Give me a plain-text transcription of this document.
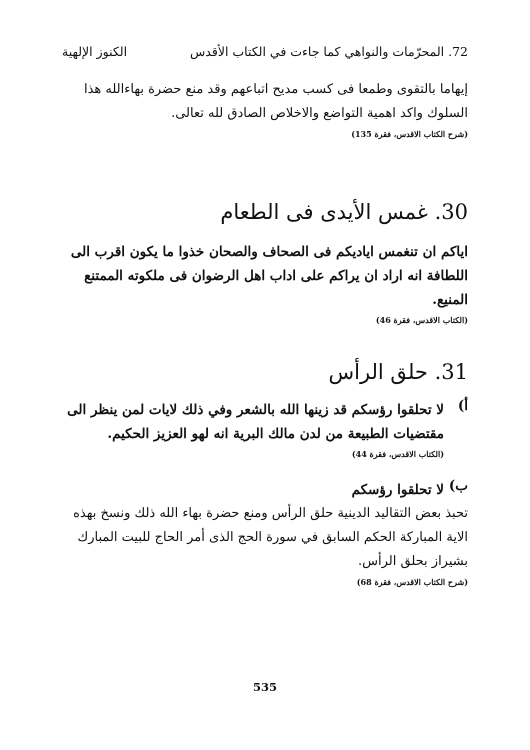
72. المحرّمات والنواهي كما جاءت في الكتاب الأقدس
الكنوز الإلهية
إيهاما بالتقوى وطمعا فى كسب مديح اتباعهم وقد منع حضرة بهاءالله هذا السلوك واكد اهمية التواضع والاخلاص الصادق لله تعالى.
(شرح الكتاب الاقدس، فقرة 135)
30. غمس الأيدى فى الطعام
اياكم ان تنغمس اياديكم فى الصحاف والصحان خذوا ما يكون اقرب الى اللطافة انه اراد ان يراكم على اداب اهل الرضوان فى ملكوته الممتنع المنيع.
(الكتاب الاقدس، فقرة 46)
31. حلق الرأس
أ)
لا تحلقوا رؤسكم قد زينها الله بالشعر وفي ذلك لايات لمن ينظر الى مقتضيات الطبيعة من لدن مالك البرية انه لهو العزيز الحكيم.
(الكتاب الاقدس، فقرة 44)
ب)
لا تحلقوا رؤسكم
تحبذ بعض التقاليد الدينية حلق الرأس ومنع حضرة بهاء الله ذلك ونسخ بهذه الاية المباركة الحكم السابق في سورة الحج الذى أمر الحاج للبيت المبارك بشيراز بحلق الرأس.
(شرح الكتاب الاقدس، فقرة 68)
535
